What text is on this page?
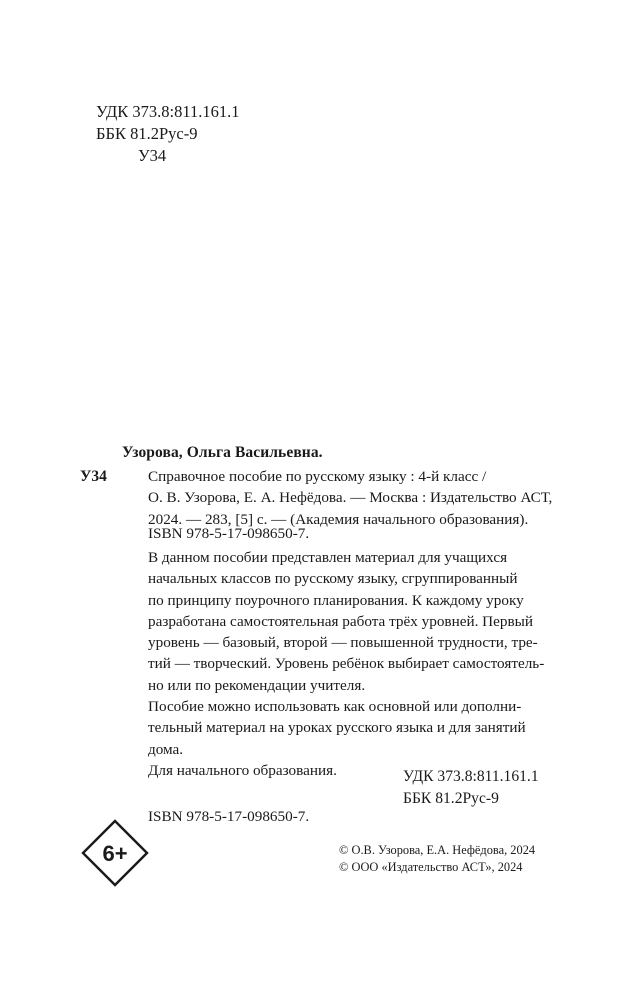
УДК 373.8:811.161.1
ББК 81.2Рус-9
У34
Узорова, Ольга Васильевна.
У34	Справочное пособие по русскому языку : 4-й класс /
О. В. Узорова, Е. А. Нефёдова. — Москва : Издательство АСТ,
2024. — 283, [5] с. — (Академия начального образования).
ISBN 978-5-17-098650-7.
В данном пособии представлен материал для учащихся
начальных классов по русскому языку, сгруппированный
по принципу поурочного планирования. К каждому уроку
разработана самостоятельная работа трёх уровней. Первый
уровень — базовый, второй — повышенной трудности, тре-
тий — творческий. Уровень ребёнок выбирает самостоятель-
но или по рекомендации учителя.
Пособие можно использовать как основной или дополни-
тельный материал на уроках русского языка и для занятий
дома.
Для начального образования.	УДК 373.8:811.161.1
ББК 81.2Рус-9
ISBN 978-5-17-098650-7.
6+	© О.В. Узорова, Е.А. Нефёдова, 2024
© ООО «Издательство АСТ», 2024
